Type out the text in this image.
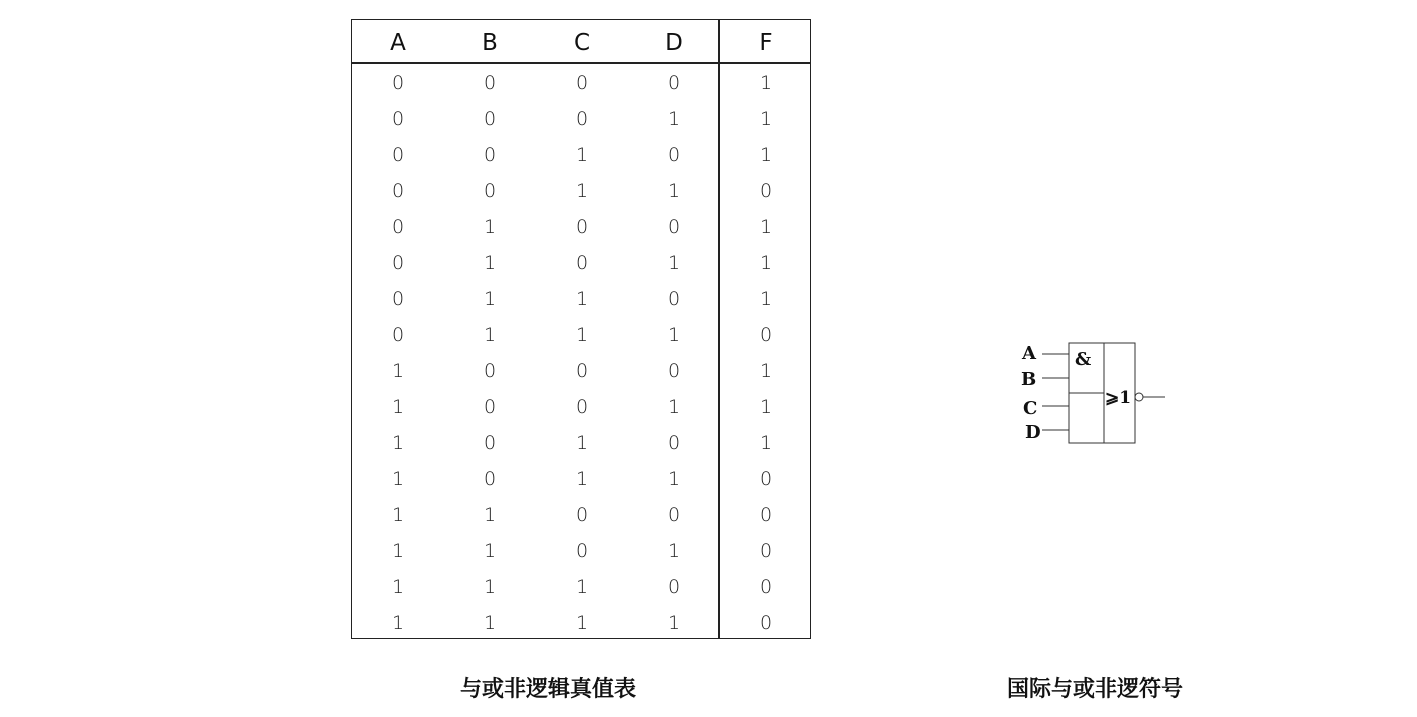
A	B	C	D	F
0	0	0	0	1
0	0	0	1	1
0	0	1	0	1
0	0	1	1	0
0	1	0	0	1
0	1	0	1	1
0	1	1	0	1
0	1	1	1	0
1	0	0	0	1
1	0	0	1	1
1	0	1	0	1
1	0	1	1	0
1	1	0	0	0
1	1	0	1	0
1	1	1	0	0
1	1	1	1	0
A
B
C
D
&
⩾1
与或非逻辑真值表	国际与或非逻符号
